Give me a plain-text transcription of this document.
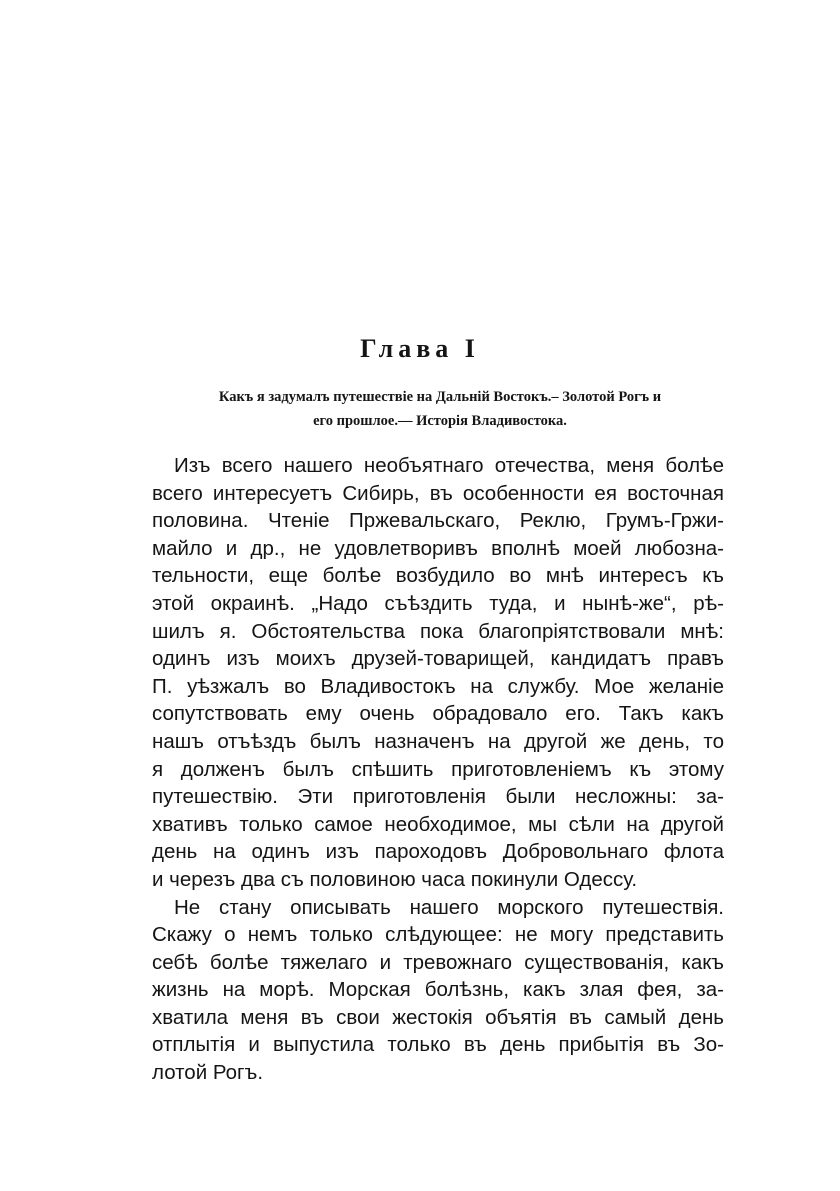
Глава I
Какъ я задумалъ путешествіе на Дальній Востокъ.– Золотой Рогъ и
его прошлое.— Исторія Владивостока.
Изъ всего нашего необъятнаго отечества, меня болѣе
всего интересуетъ Сибирь, въ особенности ея восточная
половина. Чтеніе Пржевальскаго, Реклю, Грумъ-Гржи-
майло и др., не удовлетворивъ вполнѣ моей любозна-
тельности, еще болѣе возбудило во мнѣ интересъ къ
этой окраинѣ. „Надо съѣздить туда, и нынѣ-же“, рѣ-
шилъ я. Обстоятельства пока благопріятствовали мнѣ:
одинъ изъ моихъ друзей-товарищей, кандидатъ правъ
П. уѣзжалъ во Владивостокъ на службу. Мое желаніе
сопутствовать ему очень обрадовало его. Такъ какъ
нашъ отъѣздъ былъ назначенъ на другой же день, то
я долженъ былъ спѣшить приготовленіемъ къ этому
путешествію. Эти приготовленія были несложны: за-
хвативъ только самое необходимое, мы сѣли на другой
день на одинъ изъ пароходовъ Добровольнаго флота
и черезъ два съ половиною часа покинули Одессу.
Не стану описывать нашего морского путешествія.
Скажу о немъ только слѣдующее: не могу представить
себѣ болѣе тяжелаго и тревожнаго существованія, какъ
жизнь на морѣ. Морская болѣзнь, какъ злая фея, за-
хватила меня въ свои жестокія объятія въ самый день
отплытія и выпустила только въ день прибытія въ Зо-
лотой Рогъ.
